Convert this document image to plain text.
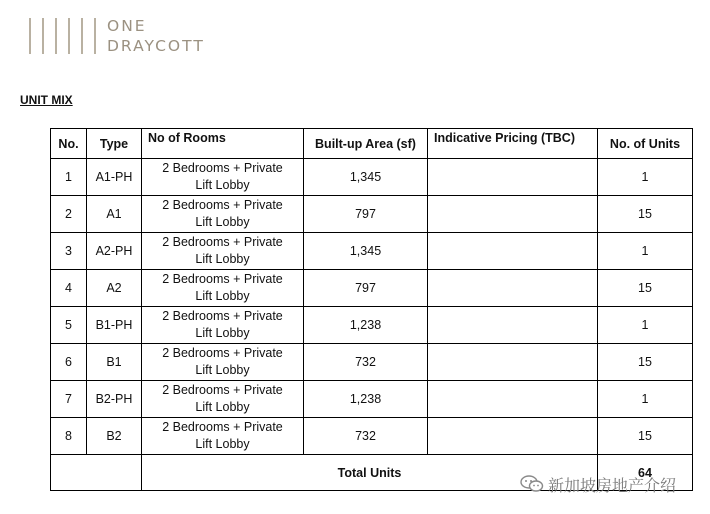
ONE
DRAYCOTT
UNIT MIX
No.	Type	No of Rooms	Built-up Area (sf)	Indicative Pricing (TBC)	No. of Units
1	A1-PH	2 Bedrooms + Private
Lift Lobby	1,345		1
2	A1	2 Bedrooms + Private
Lift Lobby	797		15
3	A2-PH	2 Bedrooms + Private
Lift Lobby	1,345		1
4	A2	2 Bedrooms + Private
Lift Lobby	797		15
5	B1-PH	2 Bedrooms + Private
Lift Lobby	1,238		1
6	B1	2 Bedrooms + Private
Lift Lobby	732		15
7	B2-PH	2 Bedrooms + Private
Lift Lobby	1,238		1
8	B2	2 Bedrooms + Private
Lift Lobby	732		15
		Total Units			64
新加坡房地产介绍
